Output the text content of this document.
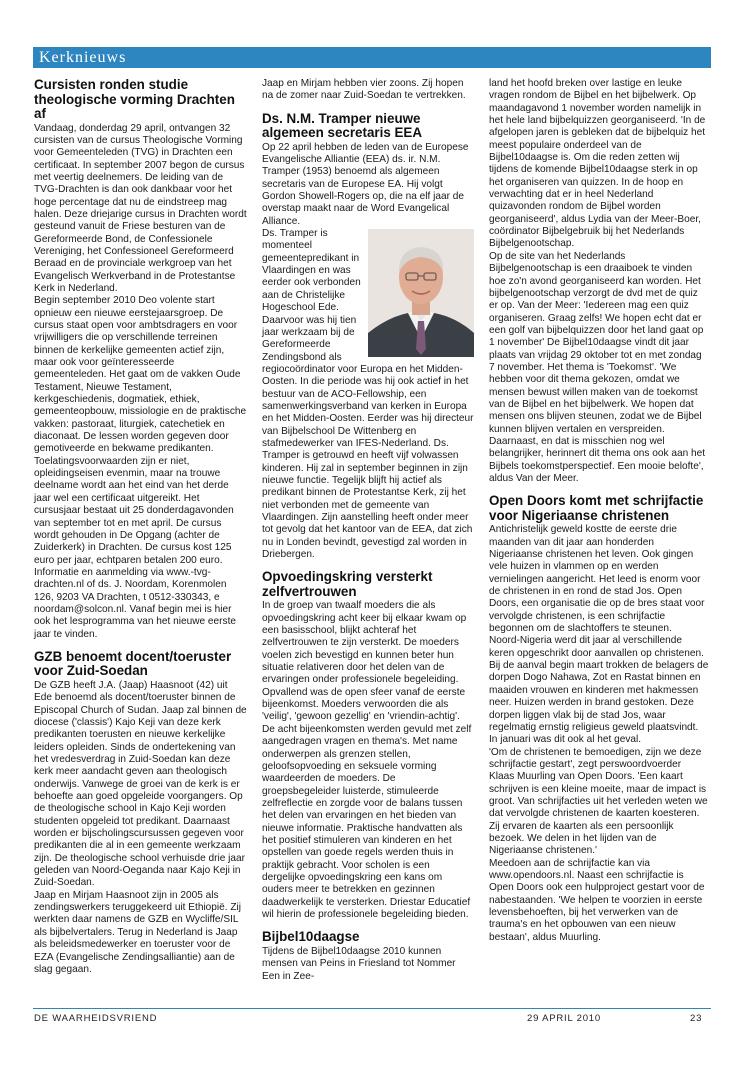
Kerknieuws
Cursisten ronden studie theologische vorming Drachten af

Vandaag, donderdag 29 april, ontvangen 32 cursisten van de cursus Theologische Vorming voor Gemeenteleden (TVG) in Drachten een certificaat. In september 2007 begon de cursus met veertig deelnemers. De leiding van de TVG-Drachten is dan ook dankbaar voor het hoge percentage dat nu de eindstreep mag halen. Deze driejarige cursus in Drachten wordt gesteund vanuit de Friese besturen van de Gereformeerde Bond, de Confessionele Vereniging, het Confessioneel Gereformeerd Beraad en de provinciale werkgroep van het Evangelisch Werkverband in de Protestantse Kerk in Nederland.
Begin september 2010 Deo volente start opnieuw een nieuwe eerstejaarsgroep. De cursus staat open voor ambtsdragers en voor vrijwilligers die op verschillende terreinen binnen de kerkelijke gemeenten actief zijn, maar ook voor geïnteresseerde gemeenteleden. Het gaat om de vakken Oude Testament, Nieuwe Testament, kerkgeschiedenis, dogmatiek, ethiek, gemeenteopbouw, missiologie en de praktische vakken: pastoraat, liturgiek, catechetiek en diaconaat. De lessen worden gegeven door gemotiveerde en bekwame predikanten.
Toelatingsvoorwaarden zijn er niet, opleidingseisen evenmin, maar na trouwe deelname wordt aan het eind van het derde jaar wel een certificaat uitgereikt. Het cursusjaar bestaat uit 25 donderdagavonden van september tot en met april. De cursus wordt gehouden in De Opgang (achter de Zuiderkerk) in Drachten. De cursus kost 125 euro per jaar, echtparen betalen 200 euro.
Informatie en aanmelding via www.-tvg-drachten.nl of ds. J. Noordam, Korenmolen 126, 9203 VA Drachten, t 0512-330343, e noordam@solcon.nl. Vanaf begin mei is hier ook het lesprogramma van het nieuwe eerste jaar te vinden.

GZB benoemt docent/toeruster voor Zuid-Soedan

De GZB heeft J.A. (Jaap) Haasnoot (42) uit Ede benoemd als docent/toeruster binnen de Episcopal Church of Sudan. Jaap zal binnen de diocese ('classis') Kajo Keji van deze kerk predikanten toerusten en nieuwe kerkelijke leiders opleiden. Sinds de ondertekening van het vredesverdrag in Zuid-Soedan kan deze kerk meer aandacht geven aan theologisch onderwijs. Vanwege de groei van de kerk is er behoefte aan goed opgeleide voorgangers. Op de theologische school in Kajo Keji worden studenten opgeleid tot predikant. Daarnaast worden er bijscholingscursussen gegeven voor predikanten die al in een gemeente werkzaam zijn. De theologische school verhuisde drie jaar geleden van Noord-Oeganda naar Kajo Keji in Zuid-Soedan.
Jaap en Mirjam Haasnoot zijn in 2005 als zendingswerkers teruggekeerd uit Ethiopië. Zij werkten daar namens de GZB en Wycliffe/SIL als bijbelvertalers. Terug in Nederland is Jaap als beleidsmedewerker en toeruster voor de EZA (Evangelische Zendingsalliantie) aan de slag gegaan.

Jaap en Mirjam hebben vier zoons. Zij hopen na de zomer naar Zuid-Soedan te vertrekken.

Ds. N.M. Tramper nieuwe algemeen secretaris EEA

Op 22 april hebben de leden van de Europese Evangelische Alliantie (EEA) ds. ir. N.M. Tramper (1953) benoemd als algemeen secretaris van de Europese EA. Hij volgt Gordon Showell-Rogers op, die na elf jaar de overstap maakt naar de Word Evangelical Alliance.

Ds. Tramper is momenteel gemeentepredikant in Vlaardingen en was eerder ook verbonden aan de Christelijke Hogeschool Ede. Daarvoor was hij tien jaar werkzaam bij de Gereformeerde Zendingsbond als regiocoördinator voor Europa en het Midden-Oosten. In die periode was hij ook actief in het bestuur van de ACO-Fellowship, een samenwerkingsverband van kerken in Europa en het Midden-Oosten. Eerder was hij directeur van Bijbelschool De Wittenberg en stafmedewerker van IFES-Nederland. Ds. Tramper is getrouwd en heeft vijf volwassen kinderen. Hij zal in september beginnen in zijn nieuwe functie. Tegelijk blijft hij actief als predikant binnen de Protestantse Kerk, zij het niet verbonden met de gemeente van Vlaardingen. Zijn aanstelling heeft onder meer tot gevolg dat het kantoor van de EEA, dat zich nu in Londen bevindt, gevestigd zal worden in Driebergen.

Opvoedingskring versterkt zelfvertrouwen

In de groep van twaalf moeders die als opvoedingskring acht keer bij elkaar kwam op een basisschool, blijkt achteraf het zelfvertrouwen te zijn versterkt. De moeders voelen zich bevestigd en kunnen beter hun situatie relativeren door het delen van de ervaringen onder professionele begeleiding. Opvallend was de open sfeer vanaf de eerste bijeenkomst. Moeders verwoorden die als 'veilig', 'gewoon gezellig' en 'vriendin-achtig'. De acht bijeenkomsten werden gevuld met zelf aangedragen vragen en thema's. Met name onderwerpen als grenzen stellen, geloofsopvoeding en seksuele vorming waardeerden de moeders. De groepsbegeleider luisterde, stimuleerde zelfreflectie en zorgde voor de balans tussen het delen van ervaringen en het bieden van nieuwe informatie. Praktische handvatten als het positief stimuleren van kinderen en het opstellen van goede regels werden thuis in praktijk gebracht. Voor scholen is een dergelijke opvoedingskring een kans om ouders meer te betrekken en gezinnen daadwerkelijk te versterken. Driestar Educatief wil hierin de professionele begeleiding bieden.

Bijbel10daagse

Tijdens de Bijbel10daagse 2010 kunnen mensen van Peins in Friesland tot Nommer Een in Zee-

land het hoofd breken over lastige en leuke vragen rondom de Bijbel en het bijbelwerk. Op maandagavond 1 november worden namelijk in het hele land bijbelquizzen georganiseerd. 'In de afgelopen jaren is gebleken dat de bijbelquiz het meest populaire onderdeel van de Bijbel10daagse is. Om die reden zetten wij tijdens de komende Bijbel10daagse sterk in op het organiseren van quizzen. In de hoop en verwachting dat er in heel Nederland quizavonden rondom de Bijbel worden georganiseerd', aldus Lydia van der Meer-Boer, coördinator Bijbelgebruik bij het Nederlands Bijbelgenootschap.
Op de site van het Nederlands Bijbelgenootschap is een draaiboek te vinden hoe zo'n avond georganiseerd kan worden. Het bijbelgenootschap verzorgt de dvd met de quiz er op. Van der Meer: 'Iedereen mag een quiz organiseren. Graag zelfs! We hopen echt dat er een golf van bijbelquizzen door het land gaat op 1 november' De Bijbel10daagse vindt dit jaar plaats van vrijdag 29 oktober tot en met zondag 7 november. Het thema is 'Toekomst'. 'We hebben voor dit thema gekozen, omdat we mensen bewust willen maken van de toekomst van de Bijbel en het bijbelwerk. We hopen dat mensen ons blijven steunen, zodat we de Bijbel kunnen blijven vertalen en verspreiden. Daarnaast, en dat is misschien nog wel belangrijker, herinnert dit thema ons ook aan het Bijbels toekomstperspectief. Een mooie belofte', aldus Van der Meer.

Open Doors komt met schrijfactie voor Nigeriaanse christenen

Antichristelijk geweld kostte de eerste drie maanden van dit jaar aan honderden Nigeriaanse christenen het leven. Ook gingen vele huizen in vlammen op en werden vernielingen aangericht. Het leed is enorm voor de christenen in en rond de stad Jos. Open Doors, een organisatie die op de bres staat voor vervolgde christenen, is een schrijfactie begonnen om de slachtoffers te steunen.
Noord-Nigeria werd dit jaar al verschillende keren opgeschrikt door aanvallen op christenen. Bij de aanval begin maart trokken de belagers de dorpen Dogo Nahawa, Zot en Rastat binnen en maaiden vrouwen en kinderen met hakmessen neer. Huizen werden in brand gestoken. Deze dorpen liggen vlak bij de stad Jos, waar regelmatig ernstig religieus geweld plaatsvindt. In januari was dit ook al het geval.
'Om de christenen te bemoedigen, zijn we deze schrijfactie gestart', zegt perswoordvoerder Klaas Muurling van Open Doors. 'Een kaart schrijven is een kleine moeite, maar de impact is groot. Van schrijfacties uit het verleden weten we dat vervolgde christenen de kaarten koesteren. Zij ervaren de kaarten als een persoonlijk bezoek. We delen in het lijden van de Nigeriaanse christenen.'
Meedoen aan de schrijfactie kan via www.opendoors.nl. Naast een schrijfactie is Open Doors ook een hulpproject gestart voor de nabestaanden. 'We helpen te voorzien in eerste levensbehoeften, bij het verwerken van de trauma's en het opbouwen van een nieuw bestaan', aldus Muurling.

DE WAARHEIDSVRIEND	29 APRIL 2010	23
